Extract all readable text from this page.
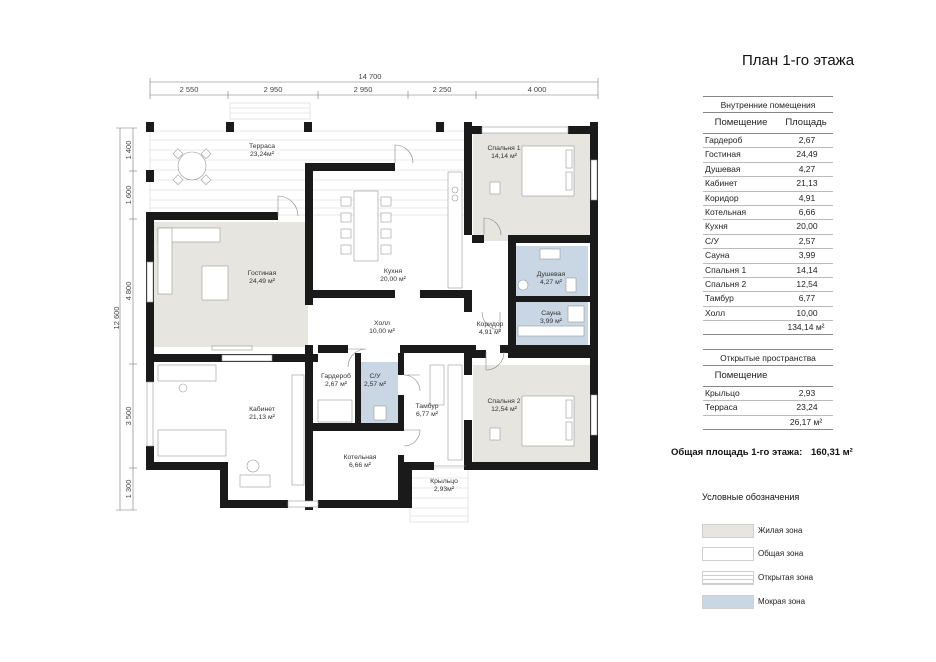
14 700
2 550	2 950	2 950	2 250	4 000
12 600
1 400
1 600
4 800
3 500
1 300
Терраса
23,24м²
Гостиная
24,49 м²
Кухня
20,00 м²
Спальня 1
14,14 м²
Душевая
4,27 м²
Сауна
3,99 м²
Холл
10,00 м²
Коридор
4,91 м²
Гардероб
2,67 м²
С/У
2,57 м²
Кабинет
21,13 м²
Тамбур
6,77 м²
Спальня 2
12,54 м²
Котельная
6,66 м²
Крыльцо
2,93м²
План 1-го этажа
Внутренние помещения
Помещение	Площадь
Гардероб	2,67
Гостиная	24,49
Душевая	4,27
Кабинет	21,13
Коридор	4,91
Котельная	6,66
Кухня	20,00
С/У	2,57
Сауна	3,99
Спальня 1	14,14
Спальня 2	12,54
Тамбур	6,77
Холл	10,00
134,14 м²
Открытые пространства
Помещение
Крыльцо	2,93
Терраса	23,24
26,17 м²
Общая площадь 1-го этажа: 160,31 м²
Условные обозначения
Жилая зона
Общая зона
Открытая зона
Мокрая зона
